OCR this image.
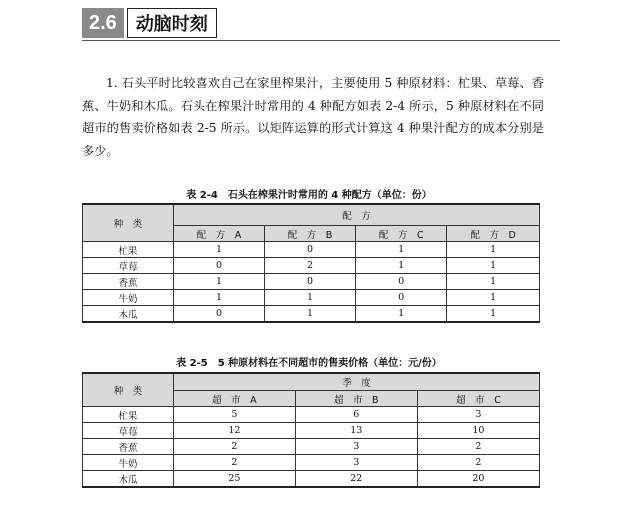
2.6	动脑时刻

1. 石头平时比较喜欢自己在家里榨果汁，主要使用 5 种原材料：杧果、草莓、香蕉、牛奶和木瓜。石头在榨果汁时常用的 4 种配方如表 2-4 所示，5 种原材料在不同超市的售卖价格如表 2-5 所示。以矩阵运算的形式计算这 4 种果汁配方的成本分别是多少。

表 2-4　石头在榨果汁时常用的 4 种配方（单位：份）
种　类	配　方			
	配　方　A	配　方　B	配　方　C	配　方　D
杧果	1	0	1	1
草莓	0	2	1	1
香蕉	1	0	0	1
牛奶	1	1	0	1
木瓜	0	1	1	1
表 2-5　5 种原材料在不同超市的售卖价格（单位：元/份）
种　类	季　度		
	超　市　A	超　市　B	超　市　C
杧果	5	6	3
草莓	12	13	10
香蕉	2	3	2
牛奶	2	3	2
木瓜	25	22	20
